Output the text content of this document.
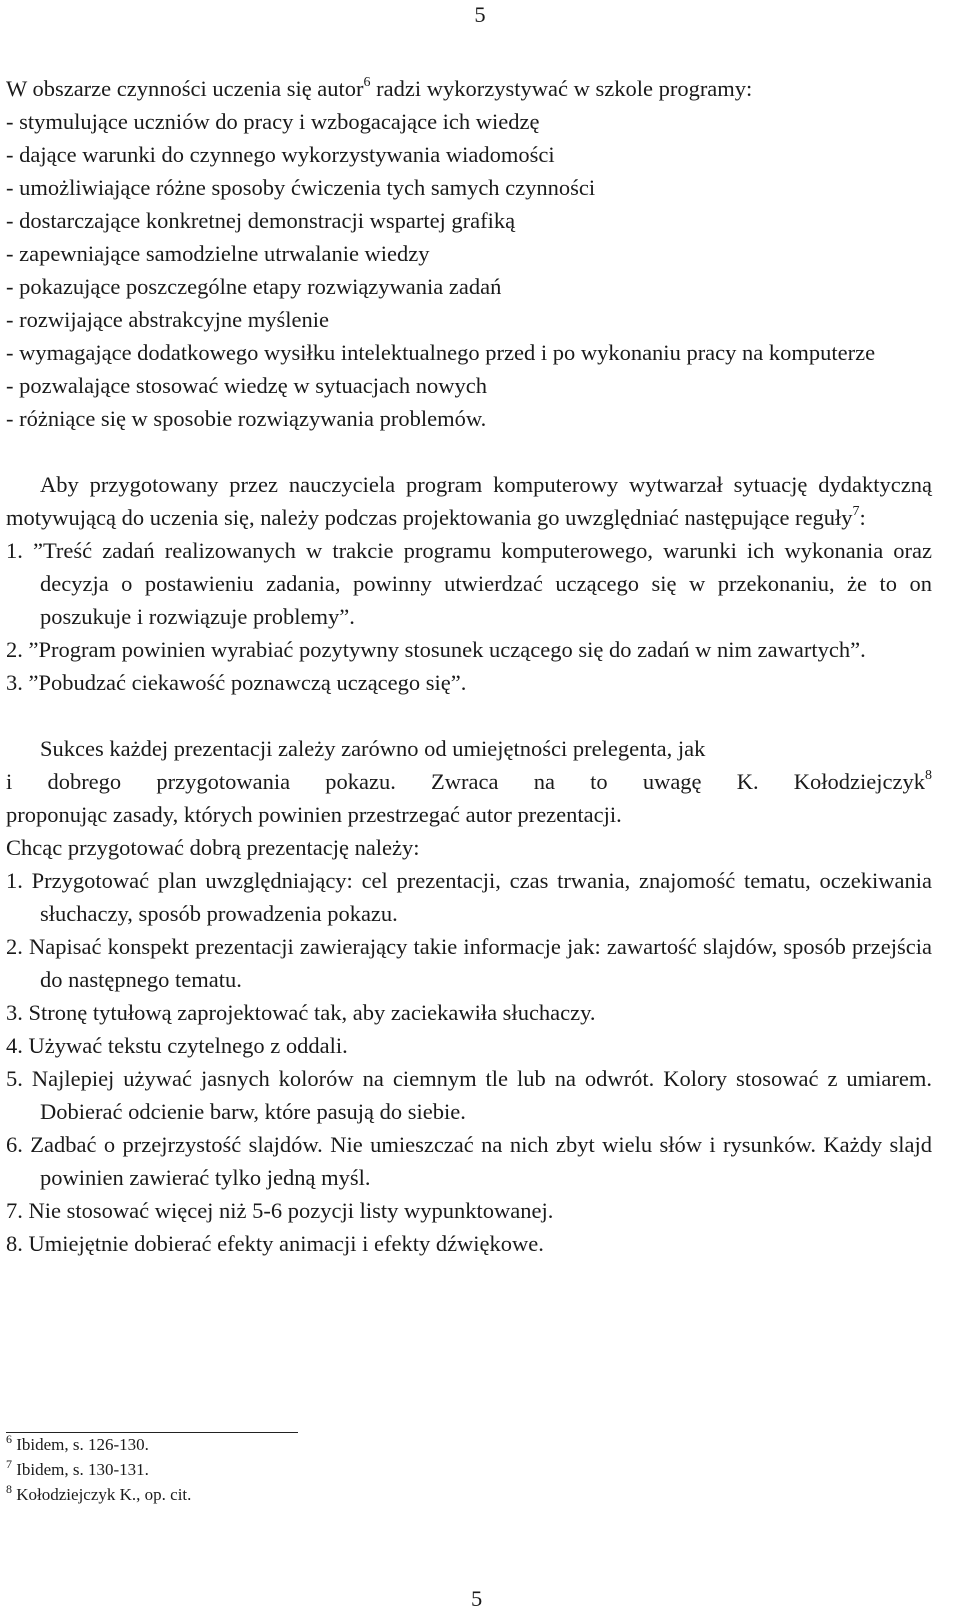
5

W obszarze czynności uczenia się autor$^6$ radzi wykorzystywać w szkole programy:

- stymulujące uczniów do pracy i wzbogacające ich wiedzę

- dające warunki do czynnego wykorzystywania wiadomości

- umożliwiające różne sposoby ćwiczenia tych samych czynności

- dostarczające konkretnej demonstracji wspartej grafiką

- zapewniające samodzielne utrwalanie wiedzy

- pokazujące poszczególne etapy rozwiązywania zadań

- rozwijające abstrakcyjne myślenie

- wymagające dodatkowego wysiłku intelektualnego przed i po wykonaniu pracy na komputerze

- pozwalające stosować wiedzę w sytuacjach nowych

- różniące się w sposobie rozwiązywania problemów.

Aby przygotowany przez nauczyciela program komputerowy wytwarzał sytuację dydaktyczną motywującą do uczenia się, należy podczas projektowania go uwzględniać następujące reguły$^7$:

1. ”Treść zadań realizowanych w trakcie programu komputerowego, warunki ich wykonania oraz decyzja o postawieniu zadania, powinny utwierdzać uczącego się w przekonaniu, że to on poszukuje i rozwiązuje problemy”.

2. ”Program powinien wyrabiać pozytywny stosunek uczącego się do zadań w nim zawartych”.

3. ”Pobudzać ciekawość poznawczą uczącego się”.

Sukces każdej prezentacji zależy zarówno od umiejętności prelegenta, jak

i dobrego przygotowania pokazu. Zwraca na to uwagę K. Kołodziejczyk$^8$

proponując zasady, których powinien przestrzegać autor prezentacji.

Chcąc przygotować dobrą prezentację należy:

1. Przygotować plan uwzględniający: cel prezentacji, czas trwania, znajomość tematu, oczekiwania słuchaczy, sposób prowadzenia pokazu.

2. Napisać konspekt prezentacji zawierający takie informacje jak: zawartość slajdów, sposób przejścia do następnego tematu.

3. Stronę tytułową zaprojektować tak, aby zaciekawiła słuchaczy.

4. Używać tekstu czytelnego z oddali.

5. Najlepiej używać jasnych kolorów na ciemnym tle lub na odwrót. Kolory stosować z umiarem. Dobierać odcienie barw, które pasują do siebie.

6. Zadbać o przejrzystość slajdów. Nie umieszczać na nich zbyt wielu słów i rysunków. Każdy slajd powinien zawierać tylko jedną myśl.

7. Nie stosować więcej niż 5-6 pozycji listy wypunktowanej.

8. Umiejętnie dobierać efekty animacji i efekty dźwiękowe.

$^6$ Ibidem, s. 126-130.

$^7$ Ibidem, s. 130-131.

$^8$ Kołodziejczyk K., op. cit.

5
